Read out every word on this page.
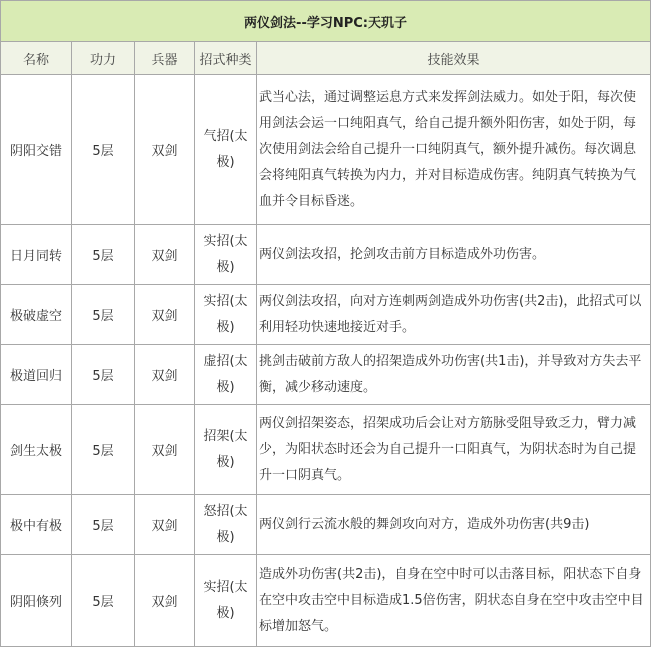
两仪剑法--学习NPC:天玑子				
名称	功力	兵器	招式种类	技能效果
阴阳交错	5层	双剑	气招(太极)	武当心法，通过调整运息方式来发挥剑法威力。如处于阳，每次使用剑法会运一口纯阳真气，给自己提升额外阳伤害，如处于阴，每次使用剑法会给自己提升一口纯阴真气，额外提升减伤。每次调息会将纯阳真气转换为内力，并对目标造成伤害。纯阴真气转换为气血并令目标昏迷。
日月同转	5层	双剑	实招(太极)	两仪剑法攻招，抡剑攻击前方目标造成外功伤害。
极破虚空	5层	双剑	实招(太极)	两仪剑法攻招，向对方连刺两剑造成外功伤害(共2击)，此招式可以利用轻功快速地接近对手。
极道回归	5层	双剑	虚招(太极)	挑剑击破前方敌人的招架造成外功伤害(共1击)，并导致对方失去平衡，减少移动速度。
剑生太极	5层	双剑	招架(太极)	两仪剑招架姿态，招架成功后会让对方筋脉受阻导致乏力，臂力减少，为阳状态时还会为自己提升一口阳真气，为阴状态时为自己提升一口阴真气。
极中有极	5层	双剑	怒招(太极)	两仪剑行云流水般的舞剑攻向对方，造成外功伤害(共9击)
阴阳倏列	5层	双剑	实招(太极)	造成外功伤害(共2击)，自身在空中时可以击落目标，阳状态下自身在空中攻击空中目标造成1.5倍伤害，阴状态自身在空中攻击空中目标增加怒气。
